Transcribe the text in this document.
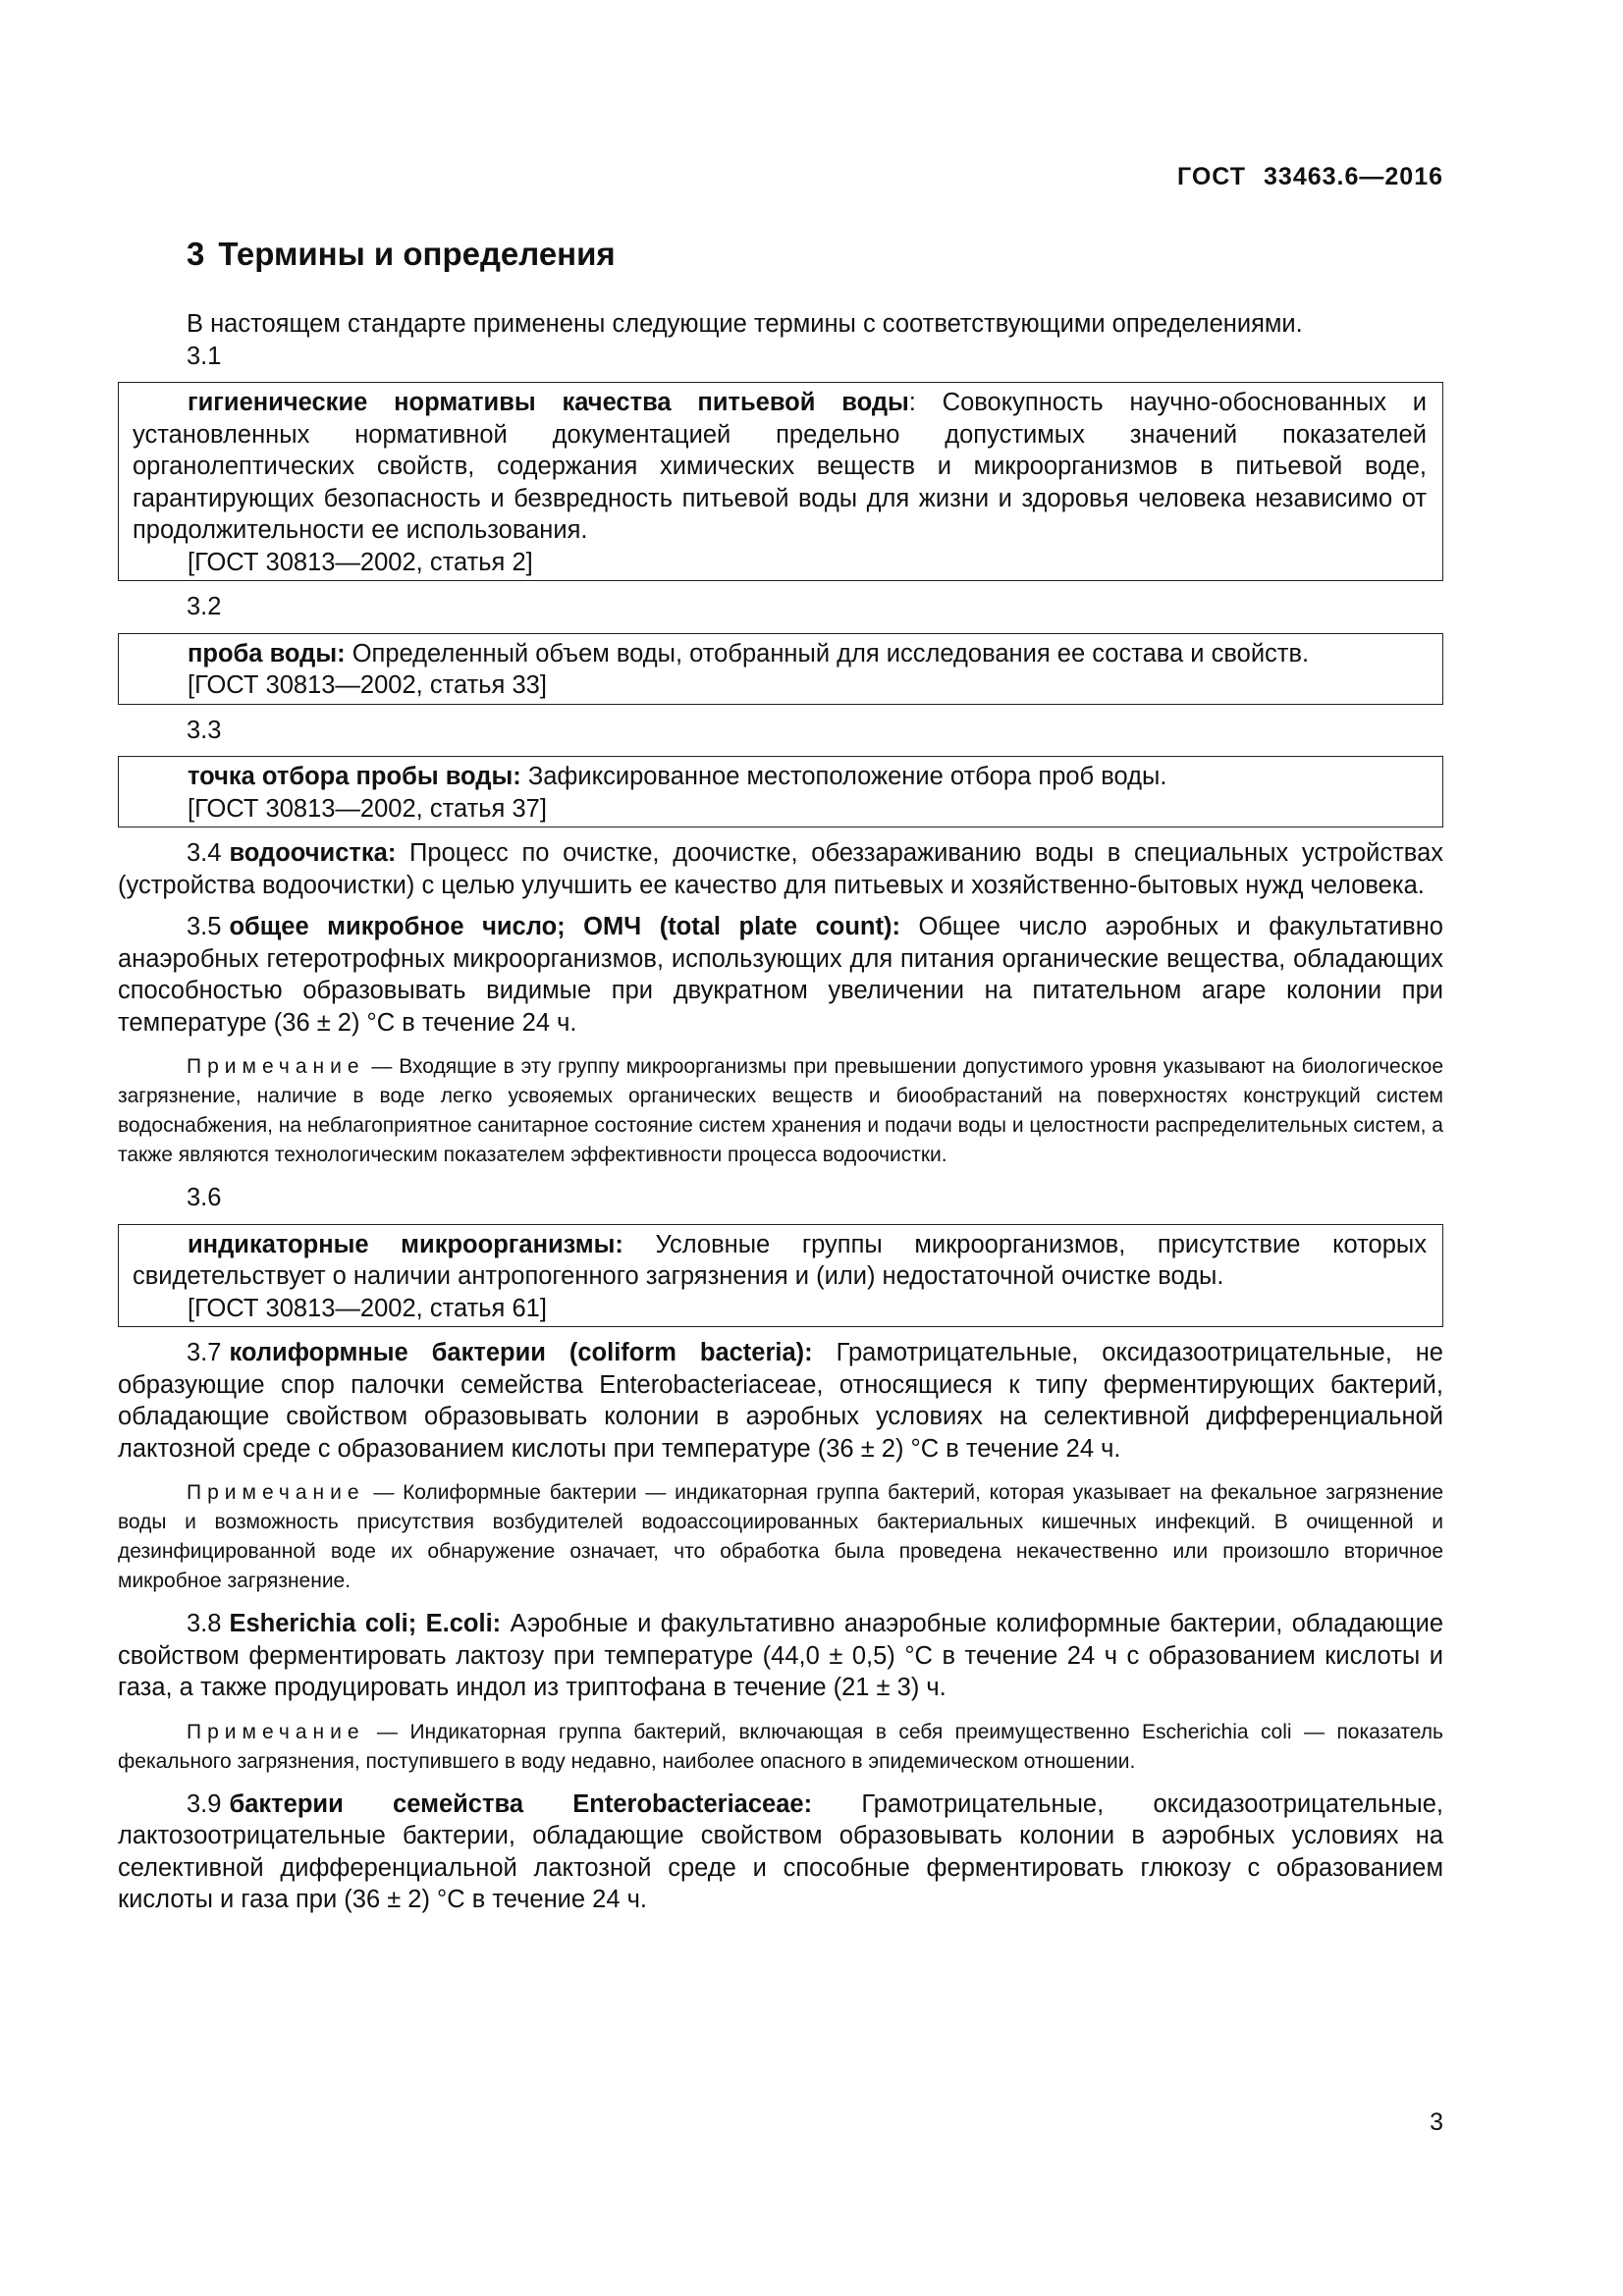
ГОСТ 33463.6—2016
3 Термины и определения

В настоящем стандарте применены следующие термины с соответствующими определениями.

3.1

гигиенические нормативы качества питьевой воды: Совокупность научно-обоснованных и установленных нормативной документацией предельно допустимых значений показателей органолептических свойств, содержания химических веществ и микроорганизмов в питьевой воде, гарантирующих безопасность и безвредность питьевой воды для жизни и здоровья человека независимо от продолжительности ее использования.

[ГОСТ 30813—2002, статья 2]

3.2

проба воды: Определенный объем воды, отобранный для исследования ее состава и свойств.

[ГОСТ 30813—2002, статья 33]

3.3

точка отбора пробы воды: Зафиксированное местоположение отбора проб воды.

[ГОСТ 30813—2002, статья 37]

3.4 водоочистка: Процесс по очистке, доочистке, обеззараживанию воды в специальных устройствах (устройства водоочистки) с целью улучшить ее качество для питьевых и хозяйственно-бытовых нужд человека.

3.5 общее микробное число; ОМЧ (total plate count): Общее число аэробных и факультативно анаэробных гетеротрофных микроорганизмов, использующих для питания органические вещества, обладающих способностью образовывать видимые при двукратном увеличении на питательном агаре колонии при температуре (36 ± 2) °С в течение 24 ч.

Примечание — Входящие в эту группу микроорганизмы при превышении допустимого уровня указывают на биологическое загрязнение, наличие в воде легко усвояемых органических веществ и биообрастаний на поверхностях конструкций систем водоснабжения, на неблагоприятное санитарное состояние систем хранения и подачи воды и целостности распределительных систем, а также являются технологическим показателем эффективности процесса водоочистки.

3.6

индикаторные микроорганизмы: Условные группы микроорганизмов, присутствие которых свидетельствует о наличии антропогенного загрязнения и (или) недостаточной очистке воды.

[ГОСТ 30813—2002, статья 61]

3.7 колиформные бактерии (coliform bacteria): Грамотрицательные, оксидазоотрицательные, не образующие спор палочки семейства Enterobacteriaceae, относящиеся к типу ферментирующих бактерий, обладающие свойством образовывать колонии в аэробных условиях на селективной дифференциальной лактозной среде с образованием кислоты при температуре (36 ± 2) °С в течение 24 ч.

Примечание — Колиформные бактерии — индикаторная группа бактерий, которая указывает на фекальное загрязнение воды и возможность присутствия возбудителей водоассоциированных бактериальных кишечных инфекций. В очищенной и дезинфицированной воде их обнаружение означает, что обработка была проведена некачественно или произошло вторичное микробное загрязнение.

3.8 Esherichia coli; E.coli: Аэробные и факультативно анаэробные колиформные бактерии, обладающие свойством ферментировать лактозу при температуре (44,0 ± 0,5) °С в течение 24 ч с образованием кислоты и газа, а также продуцировать индол из триптофана в течение (21 ± 3) ч.

Примечание — Индикаторная группа бактерий, включающая в себя преимущественно Escherichia coli — показатель фекального загрязнения, поступившего в воду недавно, наиболее опасного в эпидемическом отношении.

3.9 бактерии семейства Enterobacteriaceae: Грамотрицательные, оксидазоотрицательные, лактозоотрицательные бактерии, обладающие свойством образовывать колонии в аэробных условиях на селективной дифференциальной лактозной среде и способные ферментировать глюкозу с образованием кислоты и газа при (36 ± 2) °С в течение 24 ч.

3
